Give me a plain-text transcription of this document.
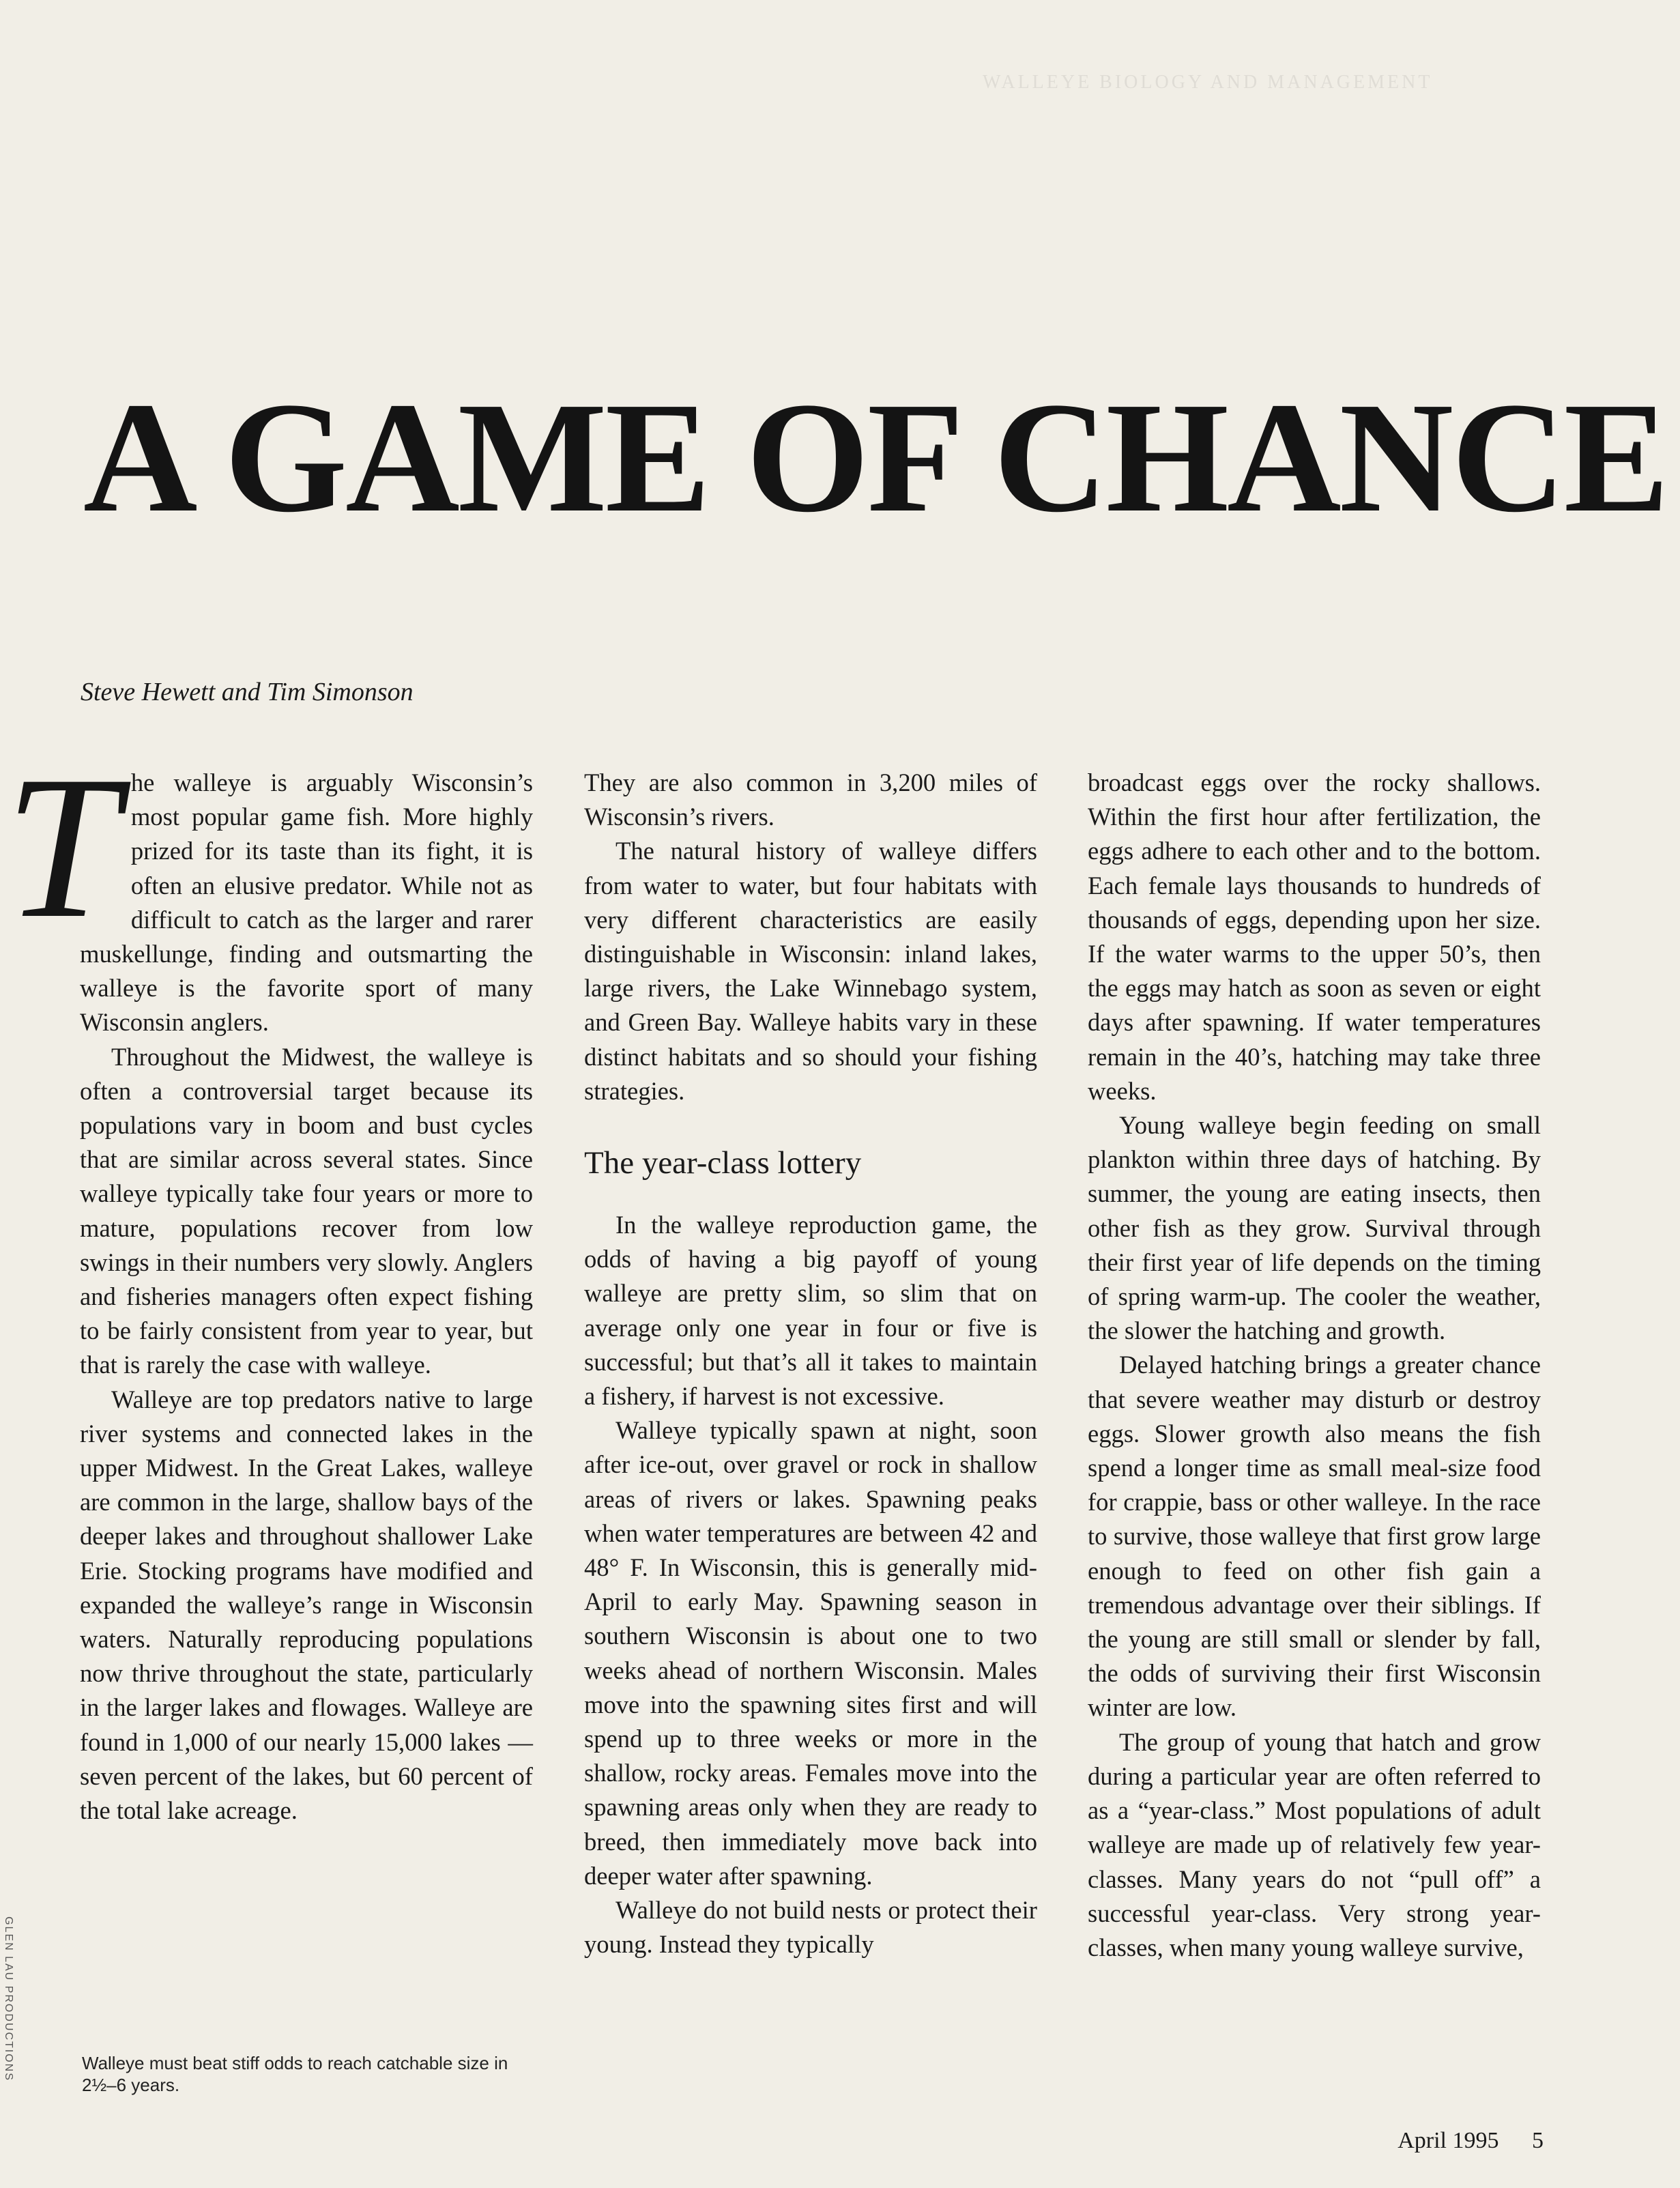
WALLEYE BIOLOGY AND MANAGEMENT
A GAME OF CHANCE

Steve Hewett and Tim Simonson

T he walleye is arguably Wisconsin’s most popular game fish. More highly prized for its taste than its fight, it is often an elusive predator. While not as difficult to catch as the larger and rarer muskellunge, finding and outsmarting the walleye is the favorite sport of many Wisconsin anglers.

Throughout the Midwest, the walleye is often a controversial target because its populations vary in boom and bust cycles that are similar across several states. Since walleye typically take four years or more to mature, populations recover from low swings in their numbers very slowly. Anglers and fisheries managers often expect fishing to be fairly consistent from year to year, but that is rarely the case with walleye.

Walleye are top predators native to large river systems and connected lakes in the upper Midwest. In the Great Lakes, walleye are common in the large, shallow bays of the deeper lakes and throughout shallower Lake Erie. Stocking programs have modified and expanded the walleye’s range in Wisconsin waters. Naturally reproducing populations now thrive throughout the state, particularly in the larger lakes and flowages. Walleye are found in 1,000 of our nearly 15,000 lakes — seven percent of the lakes, but 60 percent of the total lake acreage.

They are also common in 3,200 miles of Wisconsin’s rivers.

The natural history of walleye differs from water to water, but four habitats with very different characteristics are easily distinguishable in Wisconsin: inland lakes, large rivers, the Lake Winnebago system, and Green Bay. Walleye habits vary in these distinct habitats and so should your fishing strategies.

The year-class lottery

In the walleye reproduction game, the odds of having a big payoff of young walleye are pretty slim, so slim that on average only one year in four or five is successful; but that’s all it takes to maintain a fishery, if harvest is not excessive.

Walleye typically spawn at night, soon after ice-out, over gravel or rock in shallow areas of rivers or lakes. Spawning peaks when water temperatures are between 42 and 48° F. In Wisconsin, this is generally mid-April to early May. Spawning season in southern Wisconsin is about one to two weeks ahead of northern Wisconsin. Males move into the spawning sites first and will spend up to three weeks or more in the shallow, rocky areas. Females move into the spawning areas only when they are ready to breed, then immediately move back into deeper water after spawning.

Walleye do not build nests or protect their young. Instead they typically

broadcast eggs over the rocky shallows. Within the first hour after fertilization, the eggs adhere to each other and to the bottom. Each female lays thousands to hundreds of thousands of eggs, depending upon her size. If the water warms to the upper 50’s, then the eggs may hatch as soon as seven or eight days after spawning. If water temperatures remain in the 40’s, hatching may take three weeks.

Young walleye begin feeding on small plankton within three days of hatching. By summer, the young are eating insects, then other fish as they grow. Survival through their first year of life depends on the timing of spring warm-up. The cooler the weather, the slower the hatching and growth.

Delayed hatching brings a greater chance that severe weather may disturb or destroy eggs. Slower growth also means the fish spend a longer time as small meal-size food for crappie, bass or other walleye. In the race to survive, those walleye that first grow large enough to feed on other fish gain a tremendous advantage over their siblings. If the young are still small or slender by fall, the odds of surviving their first Wisconsin winter are low.

The group of young that hatch and grow during a particular year are often referred to as a “year-class.” Most populations of adult walleye are made up of relatively few year-classes. Many years do not “pull off” a successful year-class. Very strong year-classes, when many young walleye survive,

Walleye must beat stiff odds to reach catchable size in 2½–6 years.

GLEN LAU PRODUCTIONS

April 1995 5
